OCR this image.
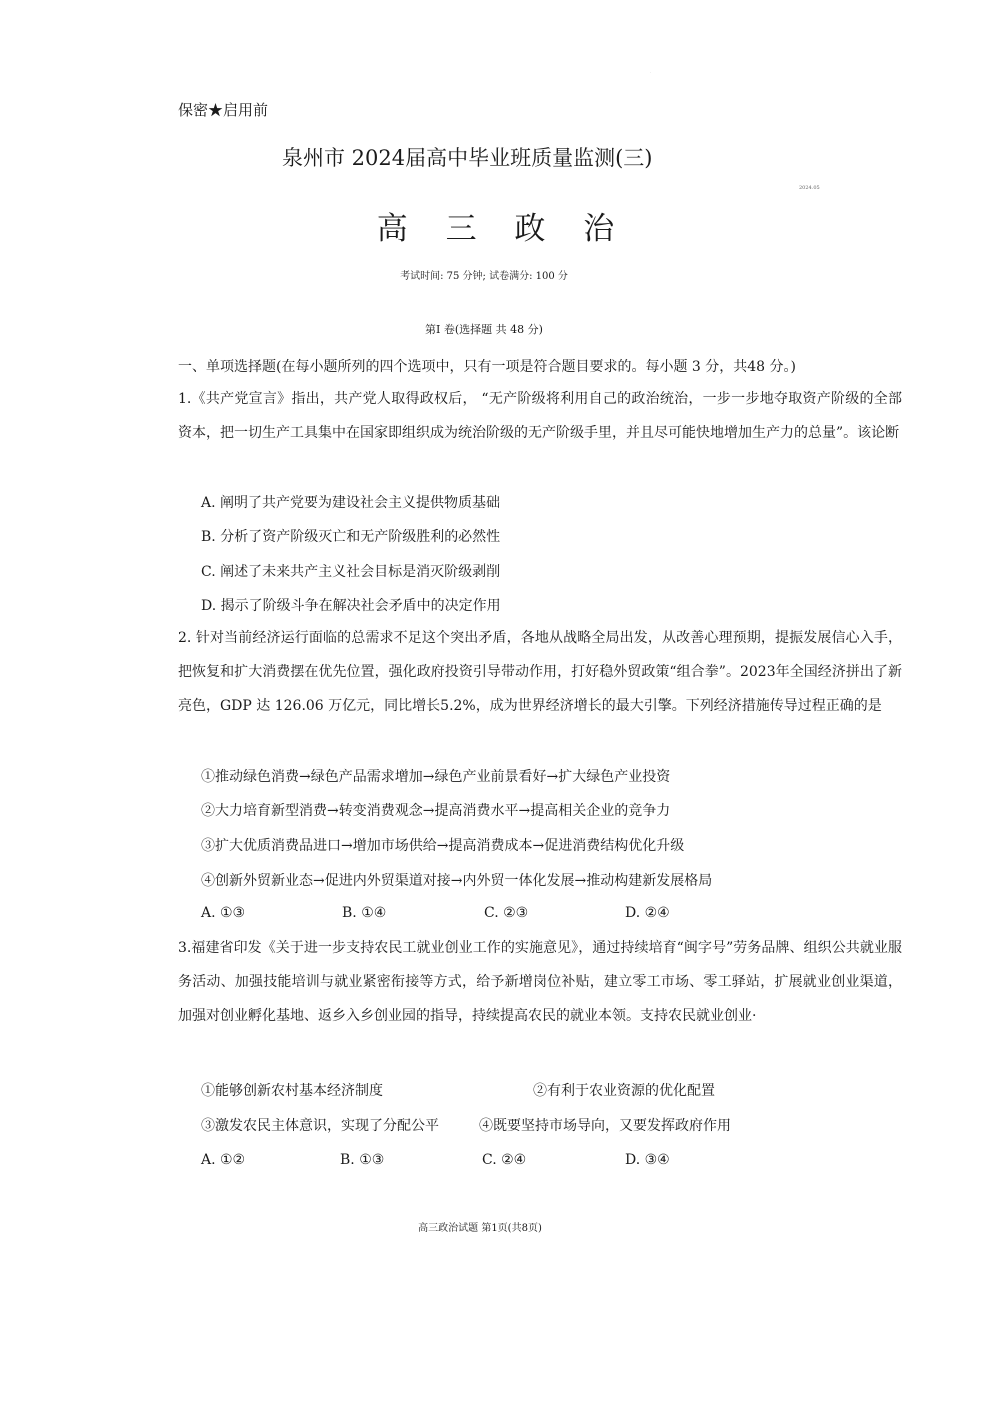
·
保密★启用前
泉州市 2024届高中毕业班质量监测(三)
2024.05
高 三 政 治
考试时间: 75 分钟; 试卷满分: 100 分
第Ⅰ 卷(选择题 共 48 分)
一、单项选择题(在每小题所列的四个选项中，只有一项是符合题目要求的。每小题 3 分，共48 分。)
1.《共产党宣言》指出，共产党人取得政权后， “无产阶级将利用自己的政治统治，一步一步地夺取资产阶级的全部资本，把一切生产工具集中在国家即组织成为统治阶级的无产阶级手里，并且尽可能快地增加生产力的总量”。该论断
A. 阐明了共产党要为建设社会主义提供物质基础
B. 分析了资产阶级灭亡和无产阶级胜利的必然性
C. 阐述了未来共产主义社会目标是消灭阶级剥削
D. 揭示了阶级斗争在解决社会矛盾中的决定作用
2. 针对当前经济运行面临的总需求不足这个突出矛盾，各地从战略全局出发，从改善心理预期，提振发展信心入手，把恢复和扩大消费摆在优先位置，强化政府投资引导带动作用，打好稳外贸政策“组合拳”。2023年全国经济拼出了新亮色，GDP 达 126.06 万亿元，同比增长5.2%，成为世界经济增长的最大引擎。下列经济措施传导过程正确的是
①推动绿色消费→绿色产品需求增加→绿色产业前景看好→扩大绿色产业投资
②大力培育新型消费→转变消费观念→提高消费水平→提高相关企业的竞争力
③扩大优质消费品进口→增加市场供给→提高消费成本→促进消费结构优化升级
④创新外贸新业态→促进内外贸渠道对接→内外贸一体化发展→推动构建新发展格局
A. ①③	B. ①④	C. ②③	D. ②④
3.福建省印发《关于进一步支持农民工就业创业工作的实施意见》，通过持续培育“闽字号”劳务品牌、组织公共就业服务活动、加强技能培训与就业紧密衔接等方式，给予新增岗位补贴，建立零工市场、零工驿站，扩展就业创业渠道，加强对创业孵化基地、返乡入乡创业园的指导，持续提高农民的就业本领。支持农民就业创业·
①能够创新农村基本经济制度	②有利于农业资源的优化配置
③激发农民主体意识，实现了分配公平	④既要坚持市场导向，又要发挥政府作用
A. ①②	B. ①③	C. ②④	D. ③④
高三政治试题 第1页(共8页)
